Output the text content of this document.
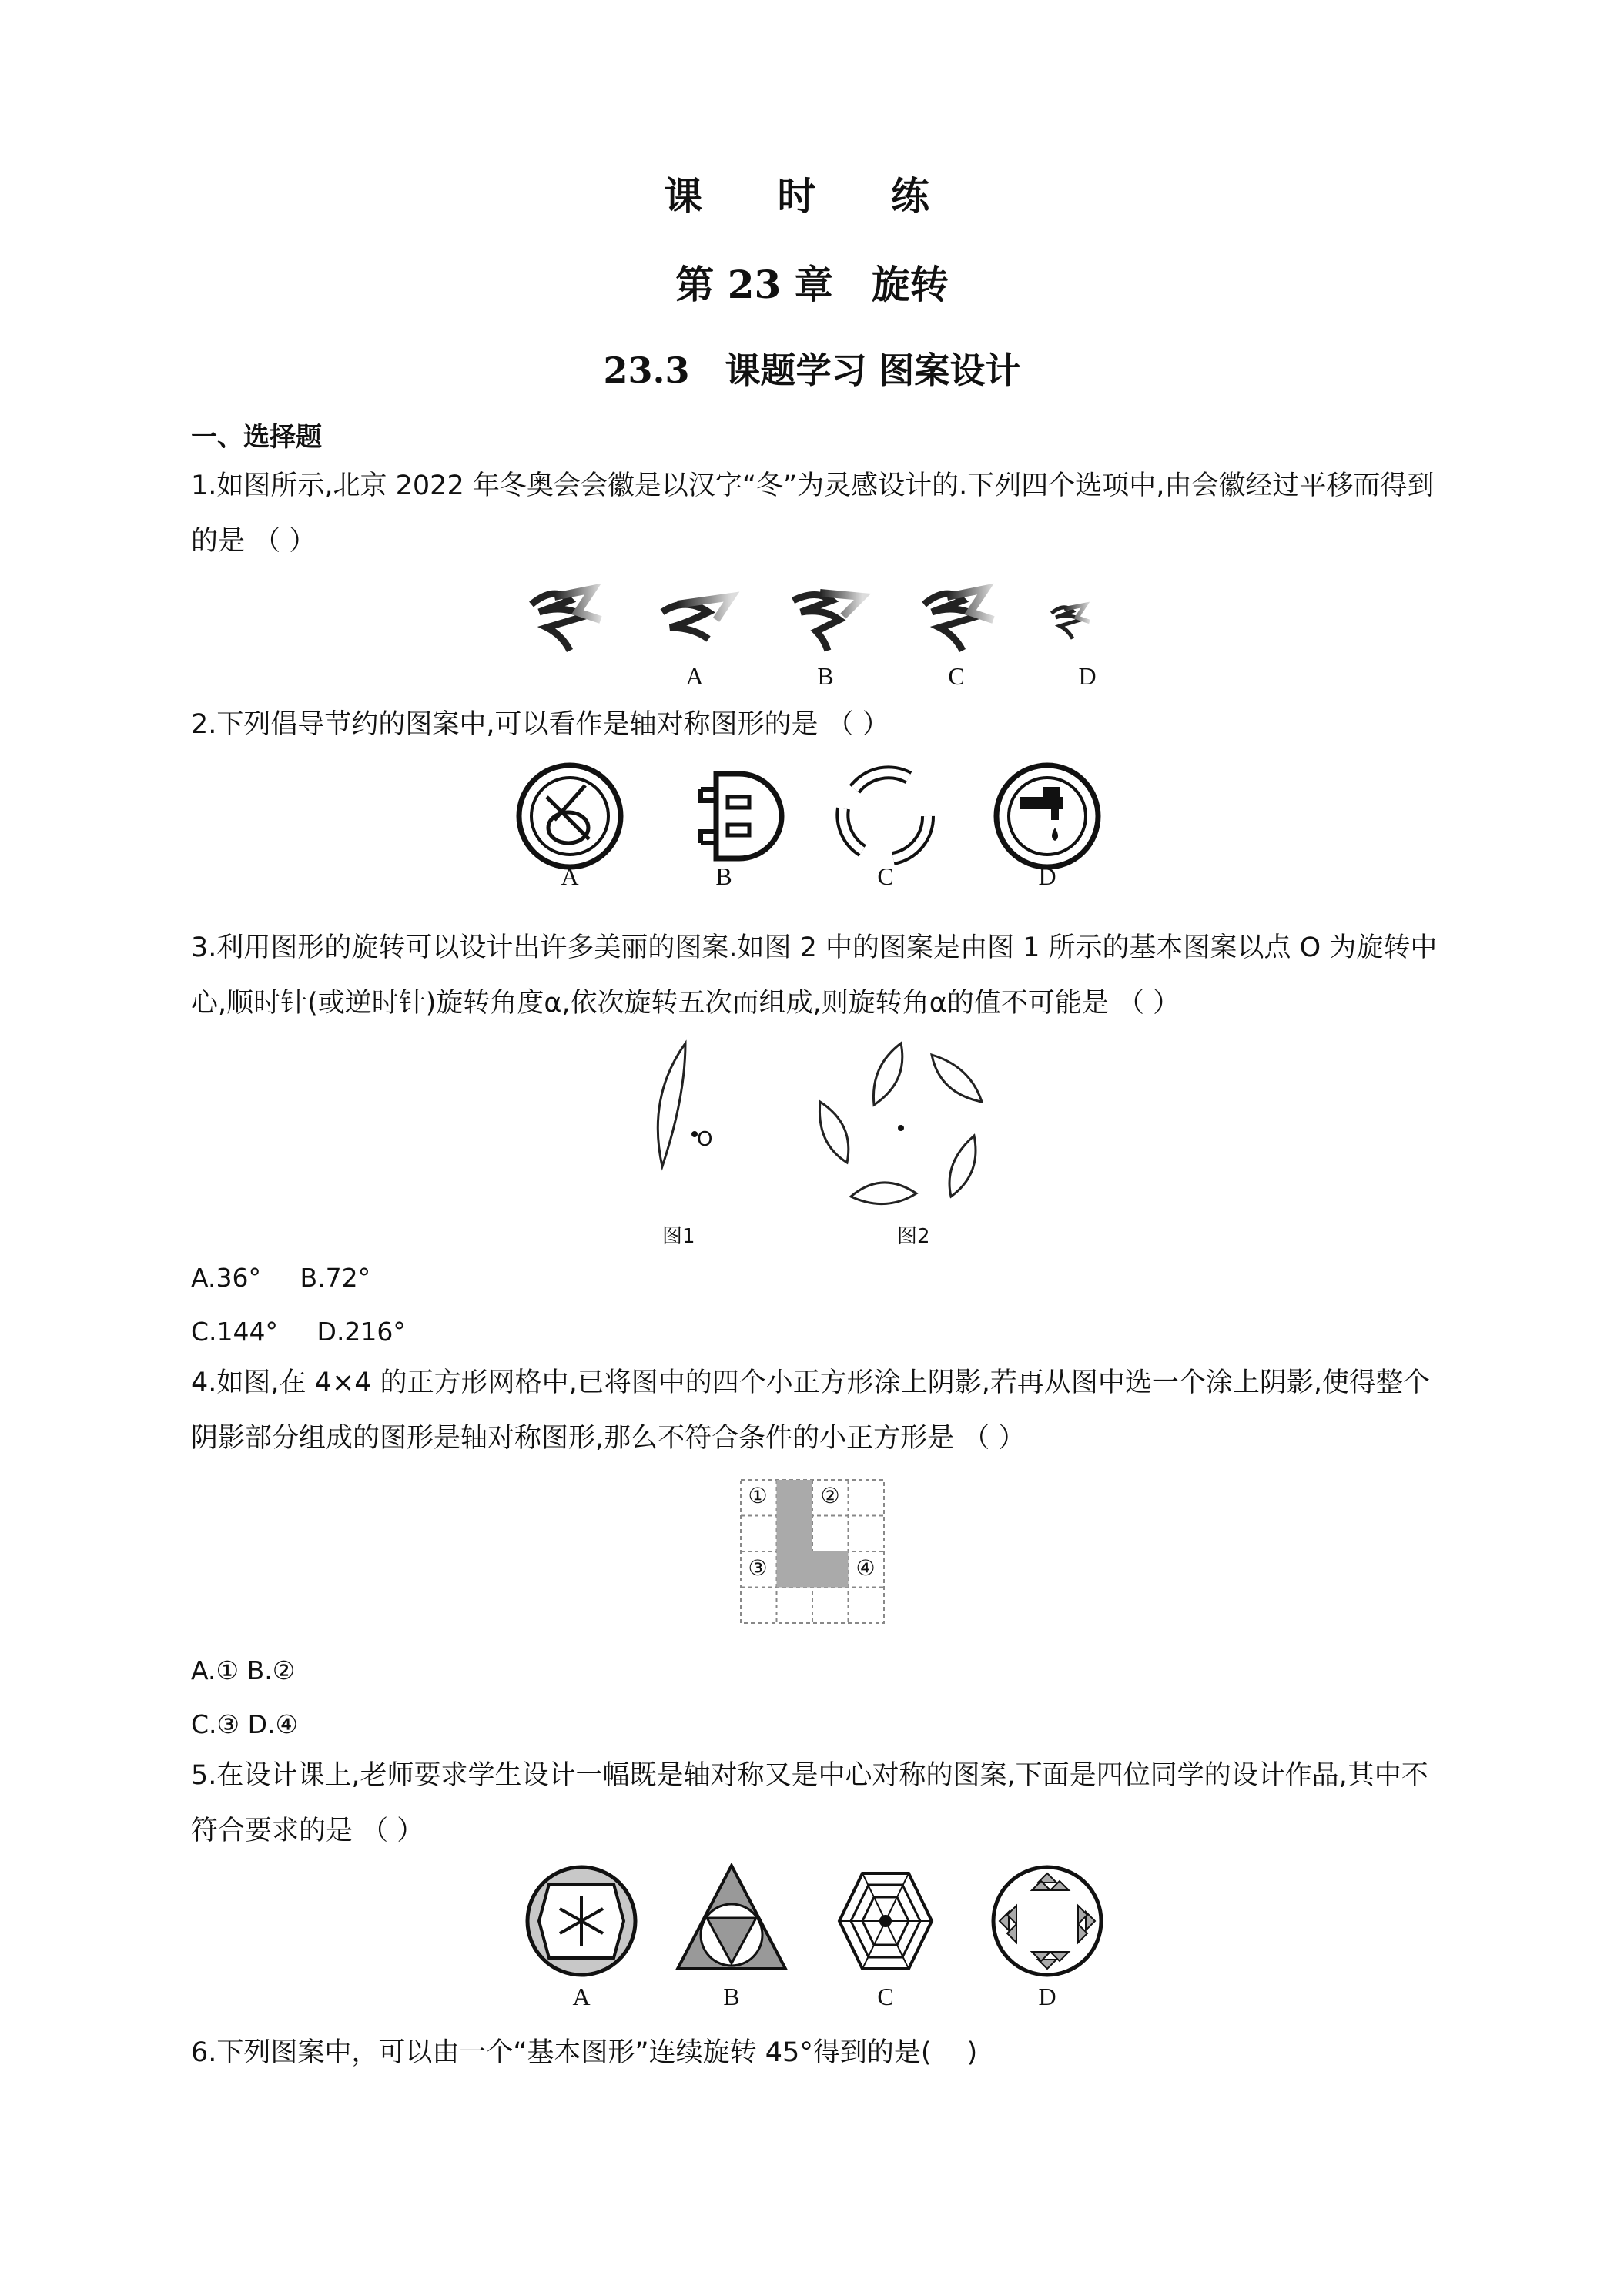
课 时 练
第 23 章　旋转
23.3　课题学习 图案设计
一、选择题
1.如图所示,北京 2022 年冬奥会会徽是以汉字“冬”为灵感设计的.下列四个选项中,由会徽经过平移而得到的是 （ ）
A	B	C	D
2.下列倡导节约的图案中,可以看作是轴对称图形的是 （ ）
A	B	C	D
3.利用图形的旋转可以设计出许多美丽的图案.如图 2 中的图案是由图 1 所示的基本图案以点 O 为旋转中心,顺时针(或逆时针)旋转角度α,依次旋转五次而组成,则旋转角α的值不可能是 （ ）
O
图1	图2
A.36° B.72°
C.144° D.216°
4.如图,在 4×4 的正方形网格中,已将图中的四个小正方形涂上阴影,若再从图中选一个涂上阴影,使得整个阴影部分组成的图形是轴对称图形,那么不符合条件的小正方形是 （ ）
①	②
③	④
A.① B.②
C.③ D.④
5.在设计课上,老师要求学生设计一幅既是轴对称又是中心对称的图案,下面是四位同学的设计作品,其中不符合要求的是 （ ）
A	B	C	D
6.下列图案中，可以由一个“基本图形”连续旋转 45°得到的是(　 )
